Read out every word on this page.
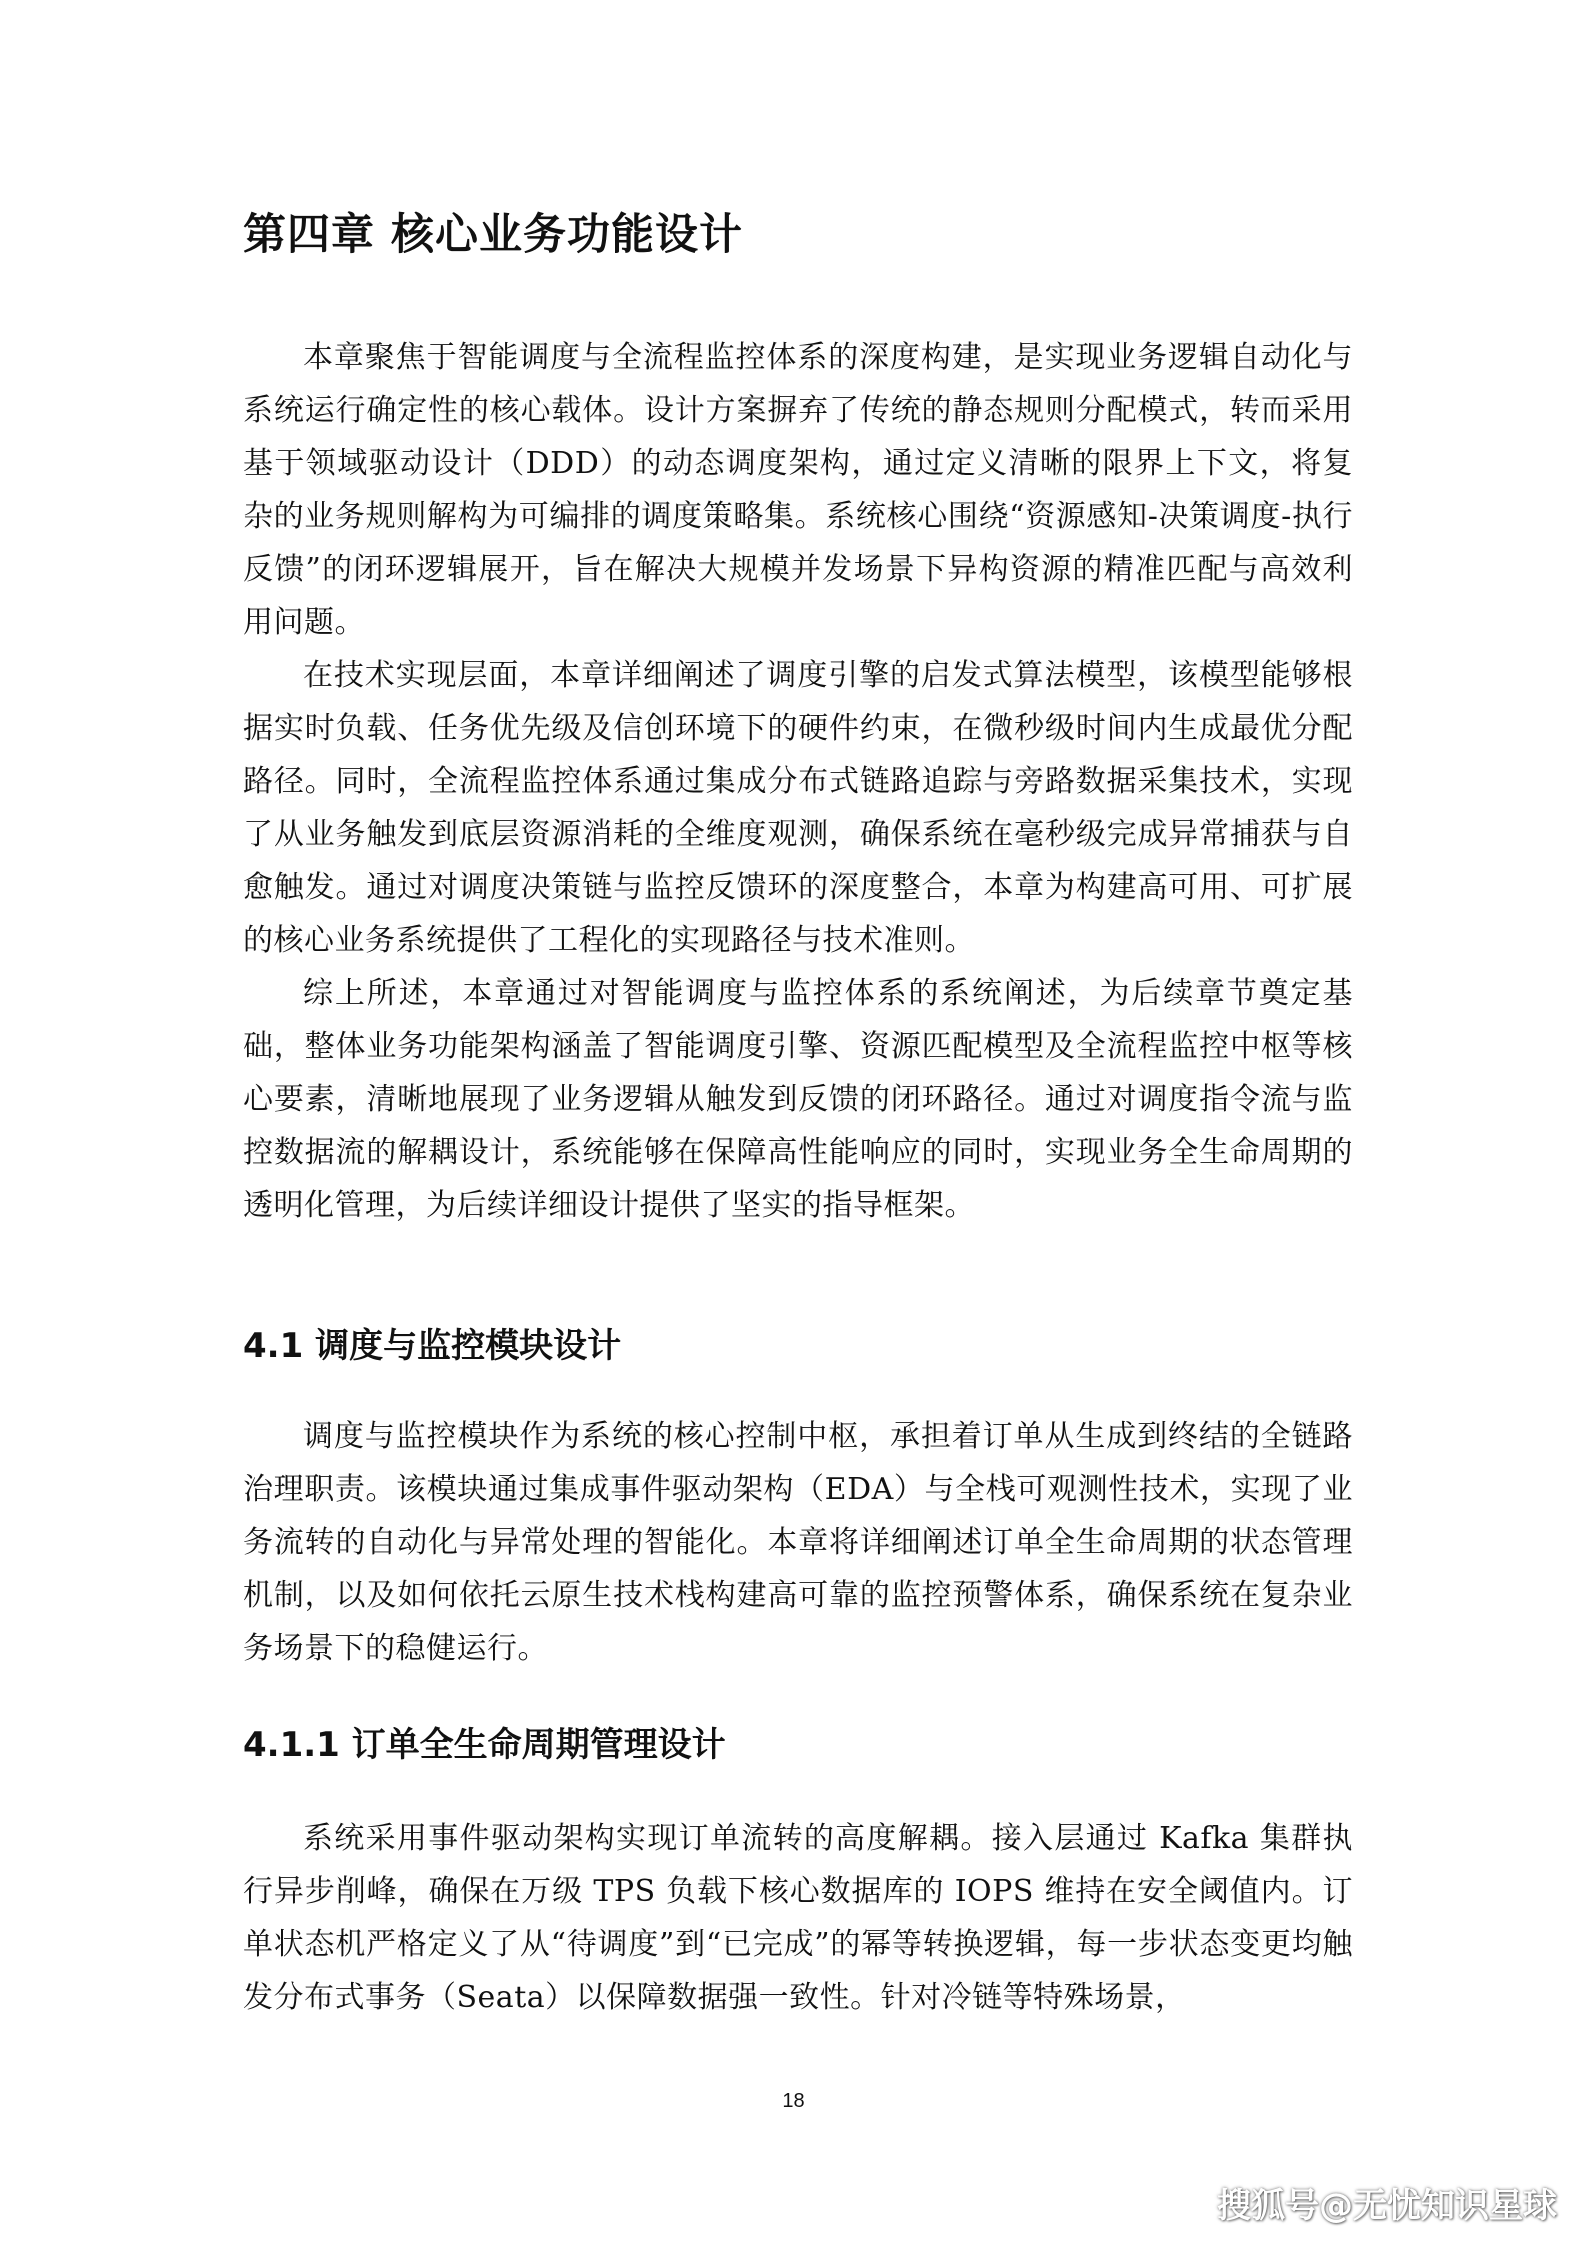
第四章 核心业务功能设计

本章聚焦于智能调度与全流程监控体系的深度构建，是实现业务逻辑自动化与系统运行确定性的核心载体。设计方案摒弃了传统的静态规则分配模式，转而采用基于领域驱动设计（DDD）的动态调度架构，通过定义清晰的限界上下文，将复杂的业务规则解构为可编排的调度策略集。系统核心围绕“资源感知-决策调度-执行反馈”的闭环逻辑展开，旨在解决大规模并发场景下异构资源的精准匹配与高效利用问题。

在技术实现层面，本章详细阐述了调度引擎的启发式算法模型，该模型能够根据实时负载、任务优先级及信创环境下的硬件约束，在微秒级时间内生成最优分配路径。同时，全流程监控体系通过集成分布式链路追踪与旁路数据采集技术，实现了从业务触发到底层资源消耗的全维度观测，确保系统在毫秒级完成异常捕获与自愈触发。通过对调度决策链与监控反馈环的深度整合，本章为构建高可用、可扩展的核心业务系统提供了工程化的实现路径与技术准则。

综上所述，本章通过对智能调度与监控体系的系统阐述，为后续章节奠定基础，整体业务功能架构涵盖了智能调度引擎、资源匹配模型及全流程监控中枢等核心要素，清晰地展现了业务逻辑从触发到反馈的闭环路径。通过对调度指令流与监控数据流的解耦设计，系统能够在保障高性能响应的同时，实现业务全生命周期的透明化管理，为后续详细设计提供了坚实的指导框架。

4.1 调度与监控模块设计

调度与监控模块作为系统的核心控制中枢，承担着订单从生成到终结的全链路治理职责。该模块通过集成事件驱动架构（EDA）与全栈可观测性技术，实现了业务流转的自动化与异常处理的智能化。本章将详细阐述订单全生命周期的状态管理机制，以及如何依托云原生技术栈构建高可靠的监控预警体系，确保系统在复杂业务场景下的稳健运行。

4.1.1 订单全生命周期管理设计

系统采用事件驱动架构实现订单流转的高度解耦。接入层通过 Kafka 集群执行异步削峰，确保在万级 TPS 负载下核心数据库的 IOPS 维持在安全阈值内。订单状态机严格定义了从“待调度”到“已完成”的幂等转换逻辑，每一步状态变更均触发分布式事务（Seata）以保障数据强一致性。针对冷链等特殊场景，

18
搜狐号@无忧知识星球
